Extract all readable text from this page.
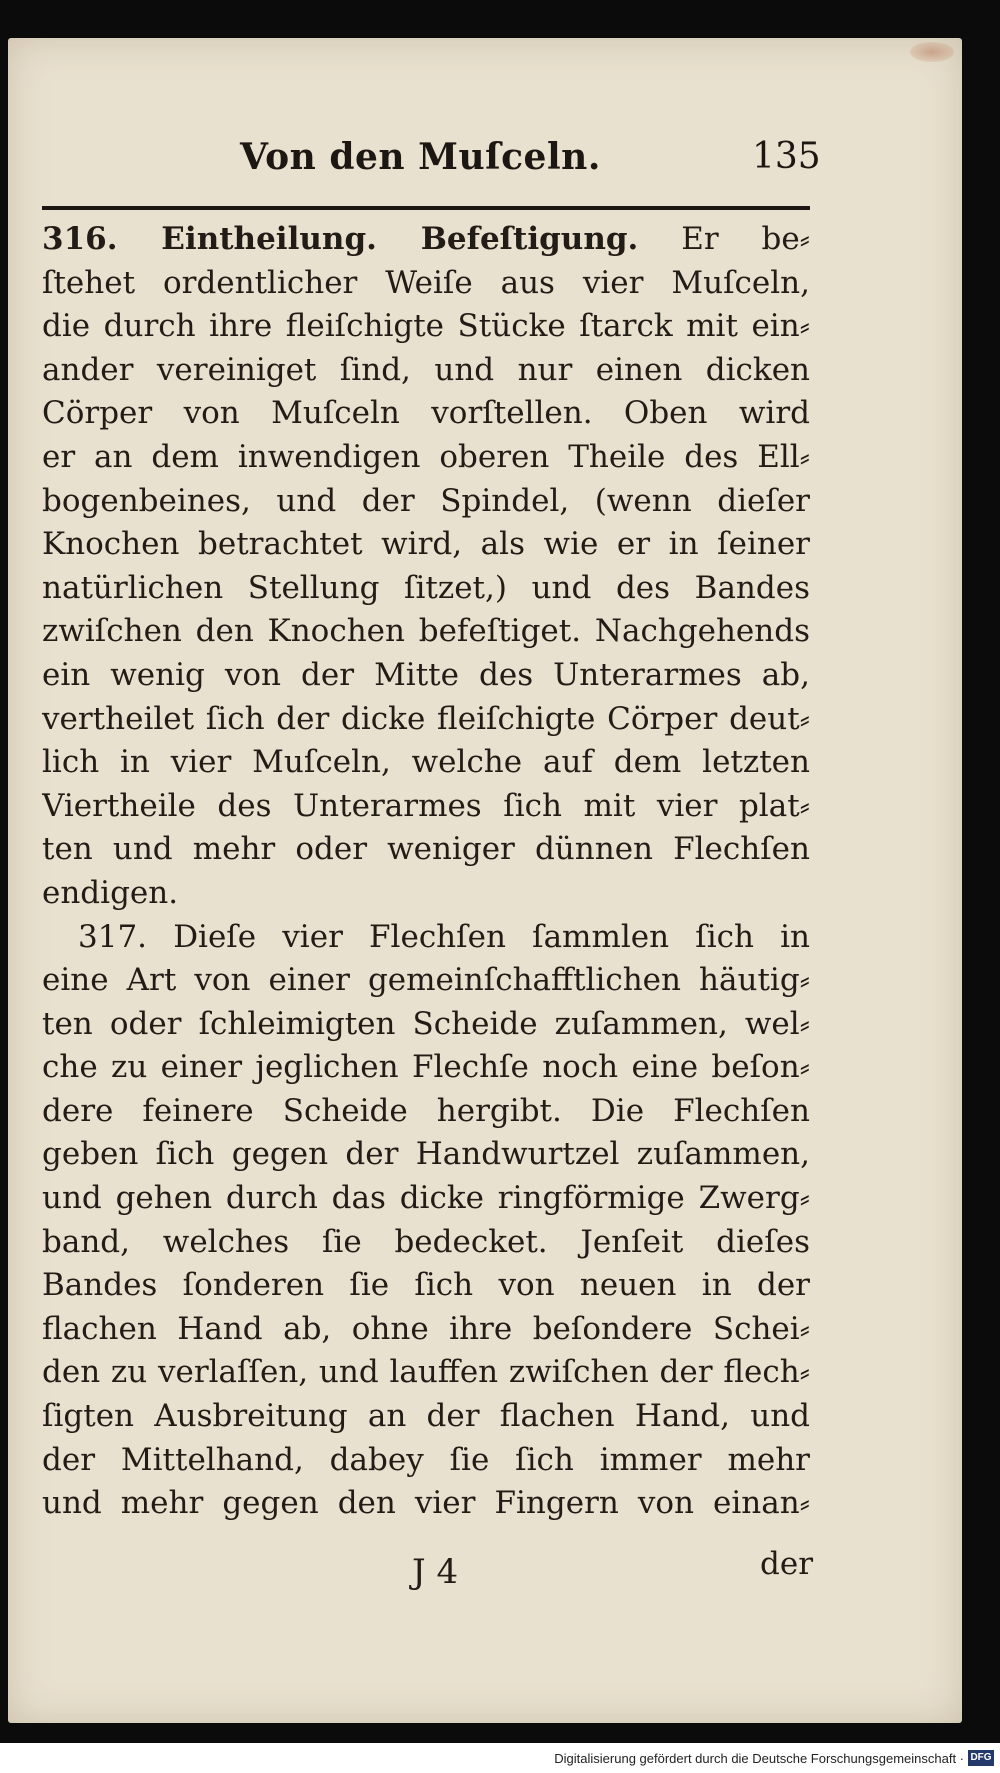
Von den Muſceln.	135
316. Eintheilung. Befeſtigung. Er be⸗
ſtehet ordentlicher Weiſe aus vier Muſceln,
die durch ihre fleiſchigte Stücke ſtarck mit ein⸗
ander vereiniget ſind, und nur einen dicken
Cörper von Muſceln vorſtellen. Oben wird
er an dem inwendigen oberen Theile des Ell⸗
bogenbeines, und der Spindel, (wenn dieſer
Knochen betrachtet wird, als wie er in ſeiner
natürlichen Stellung ſitzet,) und des Bandes
zwiſchen den Knochen befeſtiget. Nachgehends
ein wenig von der Mitte des Unterarmes ab,
vertheilet ſich der dicke fleiſchigte Cörper deut⸗
lich in vier Muſceln, welche auf dem letzten
Viertheile des Unterarmes ſich mit vier plat⸗
ten und mehr oder weniger dünnen Flechſen
endigen.
317. Dieſe vier Flechſen ſammlen ſich in
eine Art von einer gemeinſchafftlichen häutig⸗
ten oder ſchleimigten Scheide zuſammen, wel⸗
che zu einer jeglichen Flechſe noch eine beſon⸗
dere feinere Scheide hergibt. Die Flechſen
geben ſich gegen der Handwurtzel zuſammen,
und gehen durch das dicke ringförmige Zwerg⸗
band, welches ſie bedecket. Jenſeit dieſes
Bandes ſonderen ſie ſich von neuen in der
flachen Hand ab, ohne ihre beſondere Schei⸗
den zu verlaſſen, und lauffen zwiſchen der flech⸗
ſigten Ausbreitung an der flachen Hand, und
der Mittelhand, dabey ſie ſich immer mehr
und mehr gegen den vier Fingern von einan⸗
J 4	der
Digitalisierung gefördert durch die Deutsche Forschungsgemeinschaft · DFG
